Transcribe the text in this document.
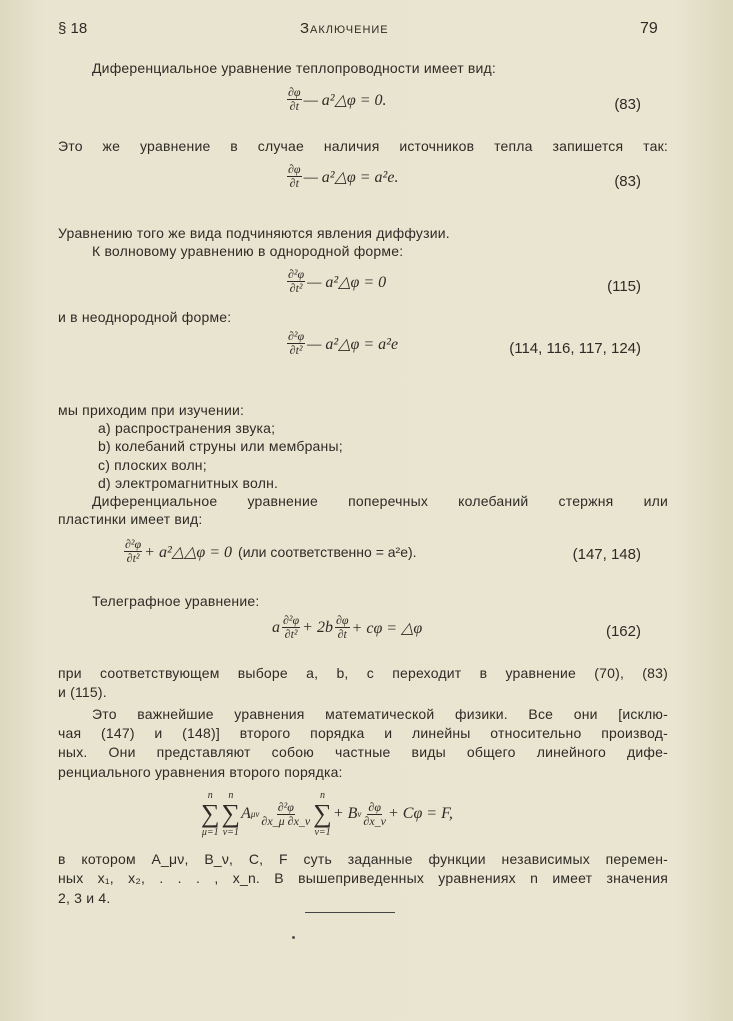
§ 18	Заключение	79
Диференциальное уравнение теплопроводности имеет вид:
$\frac{\partial\varphi}{\partial t}$ — a²△φ = 0.	(83)
Это же уравнение в случае наличия источников тепла запишется так:
$\frac{\partial\varphi}{\partial t}$ — a²△φ = a²e.	(83)
Уравнению того же вида подчиняются явления диффузии.
К волновому уравнению в однородной форме:
$\frac{\text{∂²φ}}{\text{∂t²}}$ — a²△φ = 0	(115)
и в неоднородной форме:
$\frac{\text{∂²φ}}{\text{∂t²}}$ — a²△φ = a²e	(114, 116, 117, 124)
мы приходим при изучении:
a) распространения звука;
b) колебаний струны или мембраны;
c) плоских волн;
d) электромагнитных волн.
Диференциальное уравнение поперечных колебаний стержня или
пластинки имеет вид:
$\frac{\text{∂²φ}}{\text{∂t²}}$ + a²△△φ = 0 (или соответственно = a²e).	(147, 148)
Телеграфное уравнение:
a $\frac{\text{∂²φ}}{\text{∂t²}} + 2b \frac{\partial\varphi}{\partial t} + c\varphi$ = △φ	(162)
при соответствующем выборе a, b, c переходит в уравнение (70), (83)
и (115).
Это важнейшие уравнения математической физики. Все они [исклю-
чая (147) и (148)] второго порядка и линейны относительно производ-
ных. Они представляют собою частные виды общего линейного дифе-
ренциального уравнения второго порядка:
n
∑
μ=1
n
∑
ν=1
A μν $\frac{\text{∂²φ}}{\partial x\_\mu \partial x\_\nu}$
n
∑
ν=1
+ B ν $\frac{\partial\varphi}{\partial x\_\nu} + C\varphi = F$,
в котором A_μν, B_ν, C, F суть заданные функции независимых перемен-
ных x₁, x₂, . . . , x_n. В вышеприведенных уравнениях n имеет значения
2, 3 и 4.
